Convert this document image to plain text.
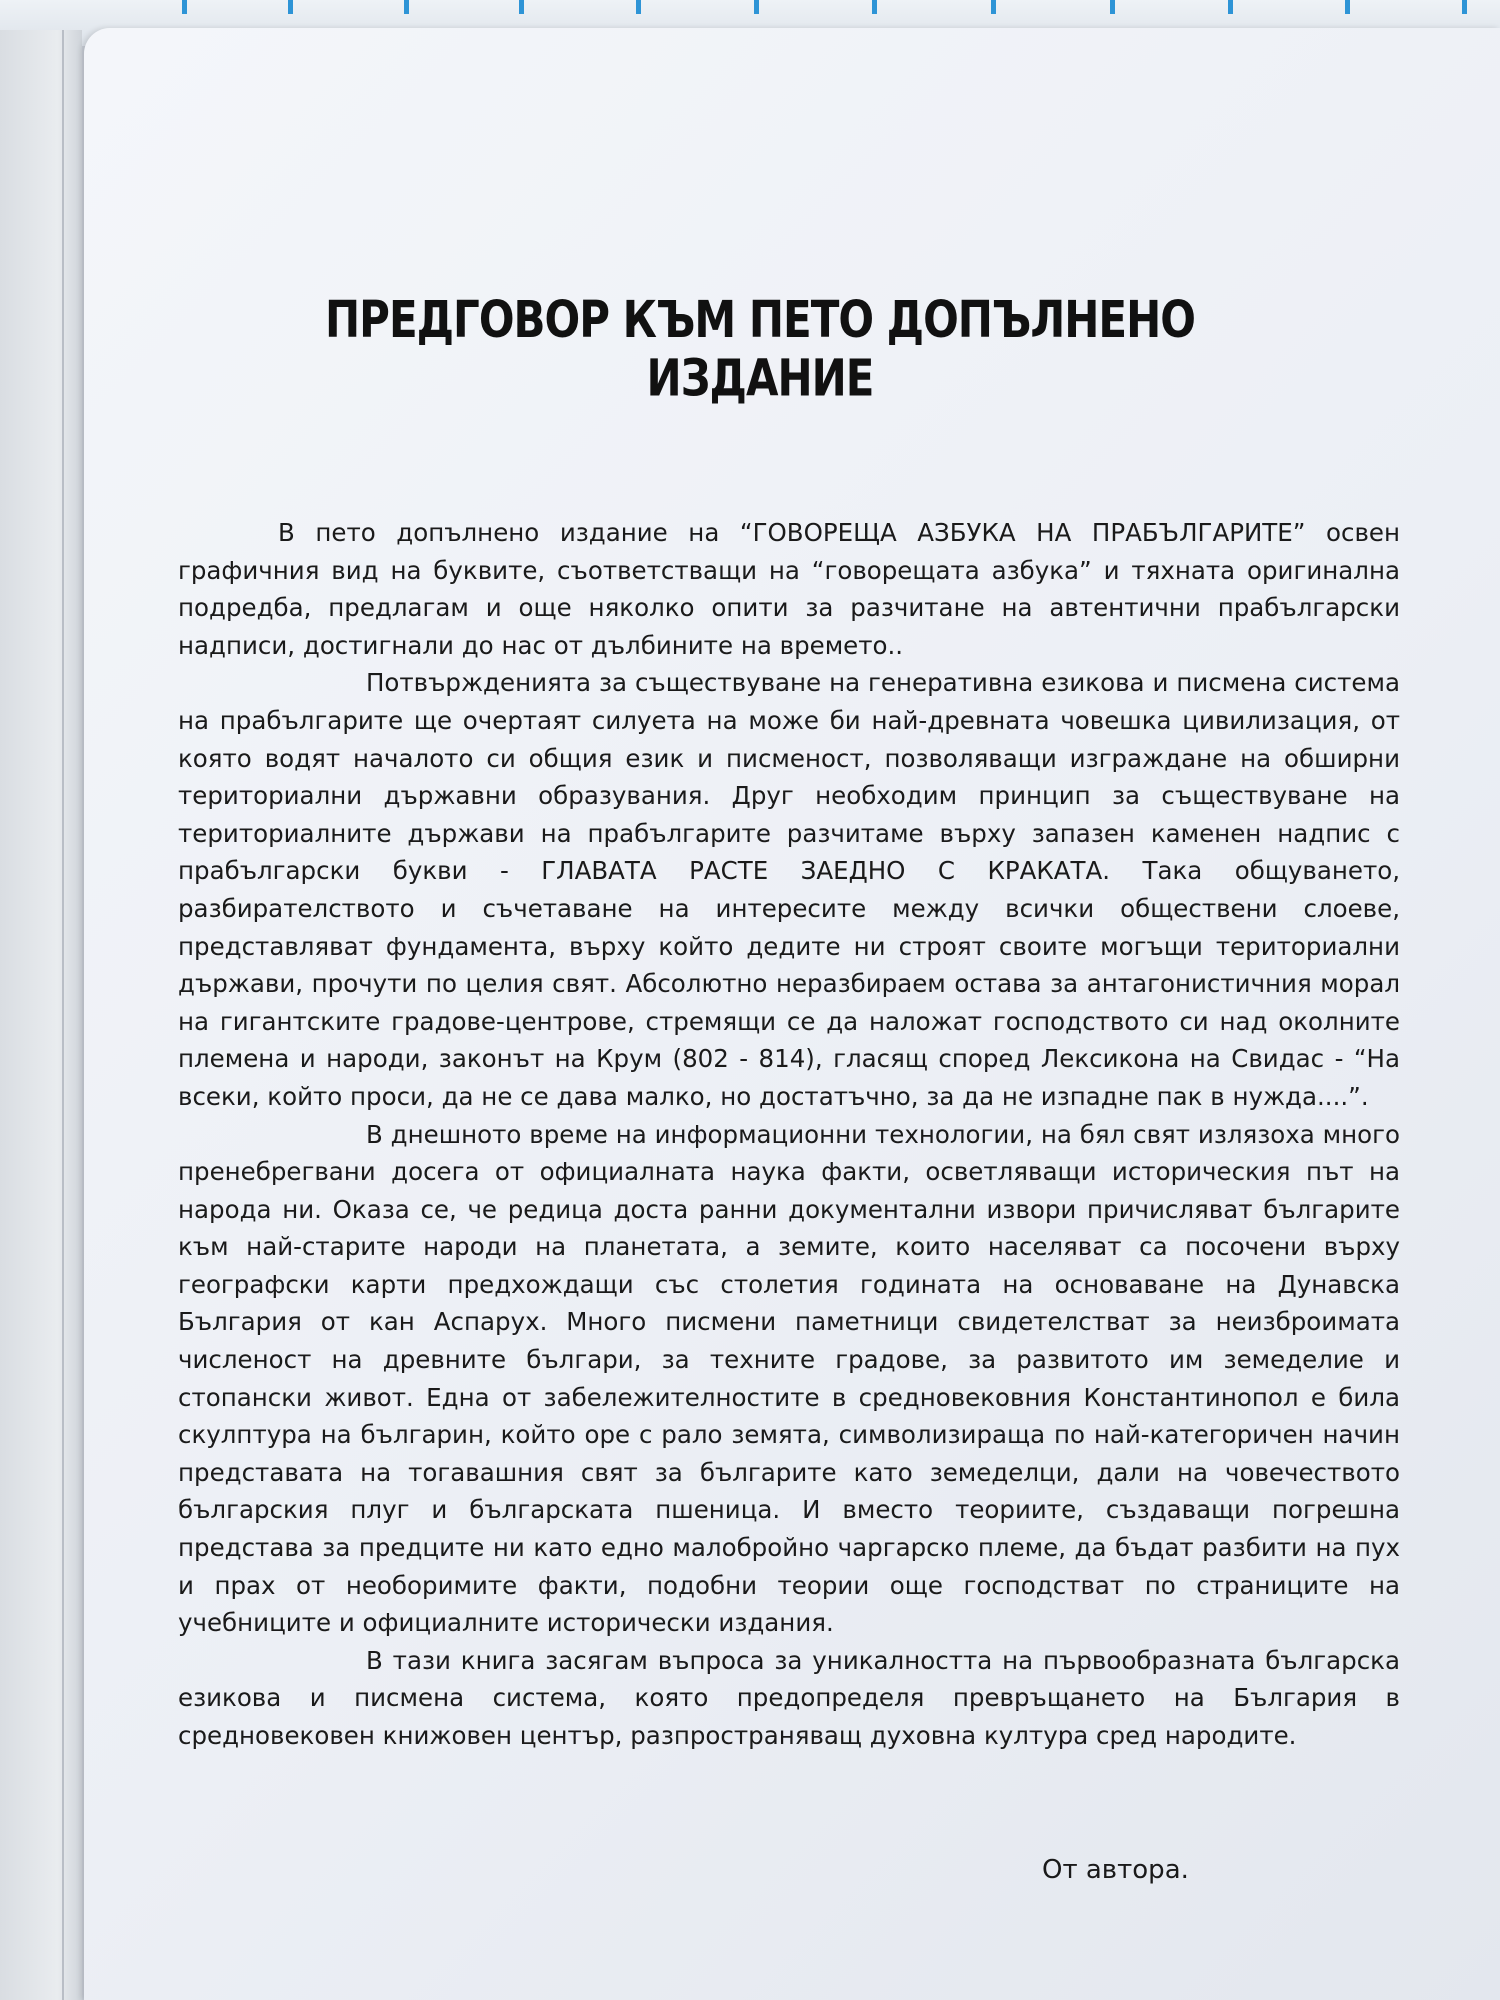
ПРЕДГОВОР КЪМ ПЕТО ДОПЪЛНЕНО ИЗДАНИЕ

В пето допълнено издание на “ГОВОРЕЩА АЗБУКА НА ПРАБЪЛГАРИТЕ” освен графичния вид на буквите, съответстващи на “говорещата азбука” и тяхната оригинална подредба, предлагам и още няколко опити за разчитане на автентични прабългарски надписи, достигнали до нас от дълбините на времето..

Потвържденията за съществуване на генеративна езикова и писмена система на прабългарите ще очертаят силуета на може би най-древната човешка цивилизация, от която водят началото си общия език и писменост, позволяващи изграждане на обширни териториални държавни образувания. Друг необходим принцип за съществуване на териториалните държави на прабългарите разчитаме върху запазен каменен надпис с прабългарски букви - ГЛАВАТА РАСТЕ ЗАЕДНО С КРАКАТА. Така общуването, разбирателството и съчетаване на интересите между всички обществени слоеве, представляват фундамента, върху който дедите ни строят своите могъщи териториални държави, прочути по целия свят. Абсолютно неразбираем остава за антагонистичния морал на гигантските градове-центрове, стремящи се да наложат господството си над околните племена и народи, законът на Крум (802 - 814), гласящ според Лексикона на Свидас - “На всеки, който проси, да не се дава малко, но достатъчно, за да не изпадне пак в нужда....”.

В днешното време на информационни технологии, на бял свят излязоха много пренебрегвани досега от официалната наука факти, осветляващи историческия път на народа ни. Оказа се, че редица доста ранни документални извори причисляват българите към най-старите народи на планетата, а земите, които населяват са посочени върху географски карти предхождащи със столетия годината на основаване на Дунавска България от кан Аспарух. Много писмени паметници свидетелстват за неизброимата численост на древните българи, за техните градове, за развитото им земеделие и стопански живот. Една от забележителностите в средновековния Константинопол е била скулптура на българин, който оре с рало земята, символизираща по най-категоричен начин представата на тогавашния свят за българите като земеделци, дали на човечеството българския плуг и българската пшеница. И вместо теориите, създаващи погрешна представа за предците ни като едно малобройно чаргарско племе, да бъдат разбити на пух и прах от необоримите факти, подобни теории още господстват по страниците на учебниците и официалните исторически издания.

В тази книга засягам въпроса за уникалността на първообразната българска езикова и писмена система, която предопределя превръщането на България в средновековен книжовен център, разпространяващ духовна култура сред народите.

От автора.
